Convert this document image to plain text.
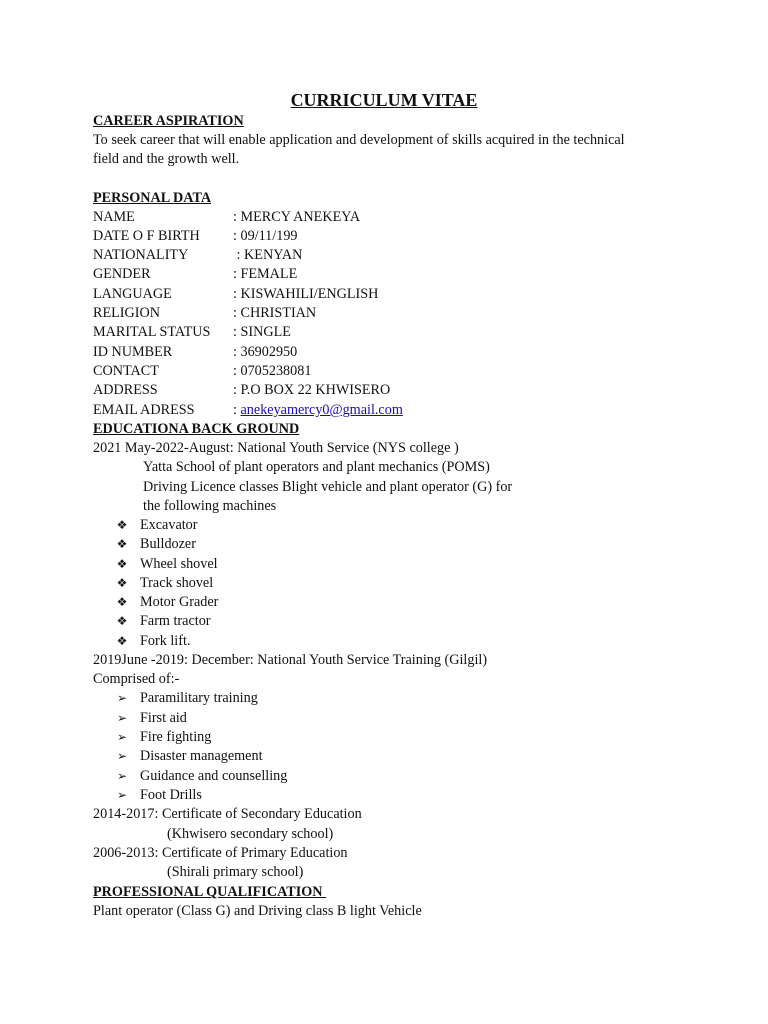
CURRICULUM VITAE
CAREER ASPIRATION
To seek career that will enable application and development of skills acquired in the technical
field and the growth well.
PERSONAL DATA
NAME	: MERCY ANEKEYA
DATE O F BIRTH : 09/11/199
NATIONALITY	: KENYAN
GENDER	: FEMALE
LANGUAGE	: KISWAHILI/ENGLISH
RELIGION	: CHRISTIAN
MARITAL STATUS : SINGLE
ID NUMBER	: 36902950
CONTACT	: 0705238081
ADDRESS	: P.O BOX 22 KHWISERO
EMAIL ADRESS	: anekeyamercy0@gmail.com
EDUCATIONA BACK GROUND
2021 May-2022-August: National Youth Service (NYS college )
Yatta School of plant operators and plant mechanics (POMS)
Driving Licence classes Blight vehicle and plant operator (G) for
the following machines
❖ Excavator
❖ Bulldozer
❖ Wheel shovel
❖ Track shovel
❖ Motor Grader
❖ Farm tractor
❖ Fork lift.
2019June -2019: December: National Youth Service Training (Gilgil)
Comprised of:-
➢ Paramilitary training
➢ First aid
➢ Fire fighting
➢ Disaster management
➢ Guidance and counselling
➢ Foot Drills
2014-2017: Certificate of Secondary Education
(Khwisero secondary school)
2006-2013: Certificate of Primary Education
(Shirali primary school)
PROFESSIONAL QUALIFICATION
Plant operator (Class G) and Driving class B light Vehicle
